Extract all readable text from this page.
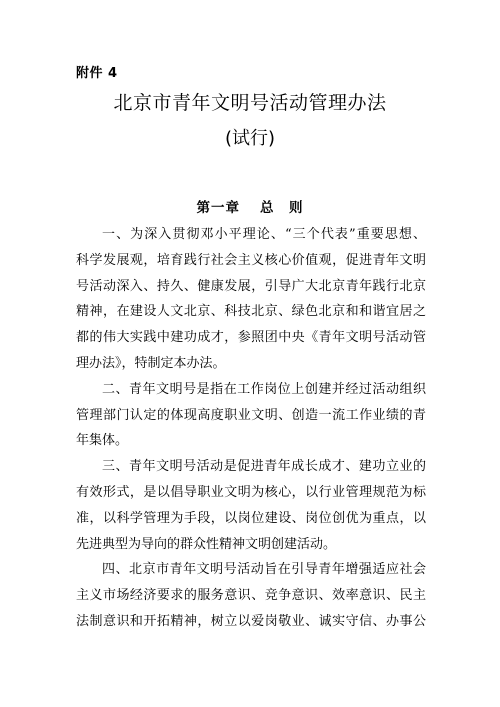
附件 4
北京市青年文明号活动管理办法
(试行)
第一章 总　则

一、为深入贯彻邓小平理论、“三个代表”重要思想、
科学发展观，培育践行社会主义核心价值观，促进青年文明
号活动深入、持久、健康发展，引导广大北京青年践行北京
精神，在建设人文北京、科技北京、绿色北京和和谐宜居之
都的伟大实践中建功成才，参照团中央《青年文明号活动管
理办法》，特制定本办法。

二、青年文明号是指在工作岗位上创建并经过活动组织
管理部门认定的体现高度职业文明、创造一流工作业绩的青
年集体。

三、青年文明号活动是促进青年成长成才、建功立业的
有效形式，是以倡导职业文明为核心，以行业管理规范为标
准，以科学管理为手段，以岗位建设、岗位创优为重点，以
先进典型为导向的群众性精神文明创建活动。

四、北京市青年文明号活动旨在引导青年增强适应社会
主义市场经济要求的服务意识、竞争意识、效率意识、民主
法制意识和开拓精神，树立以爱岗敬业、诚实守信、办事公
